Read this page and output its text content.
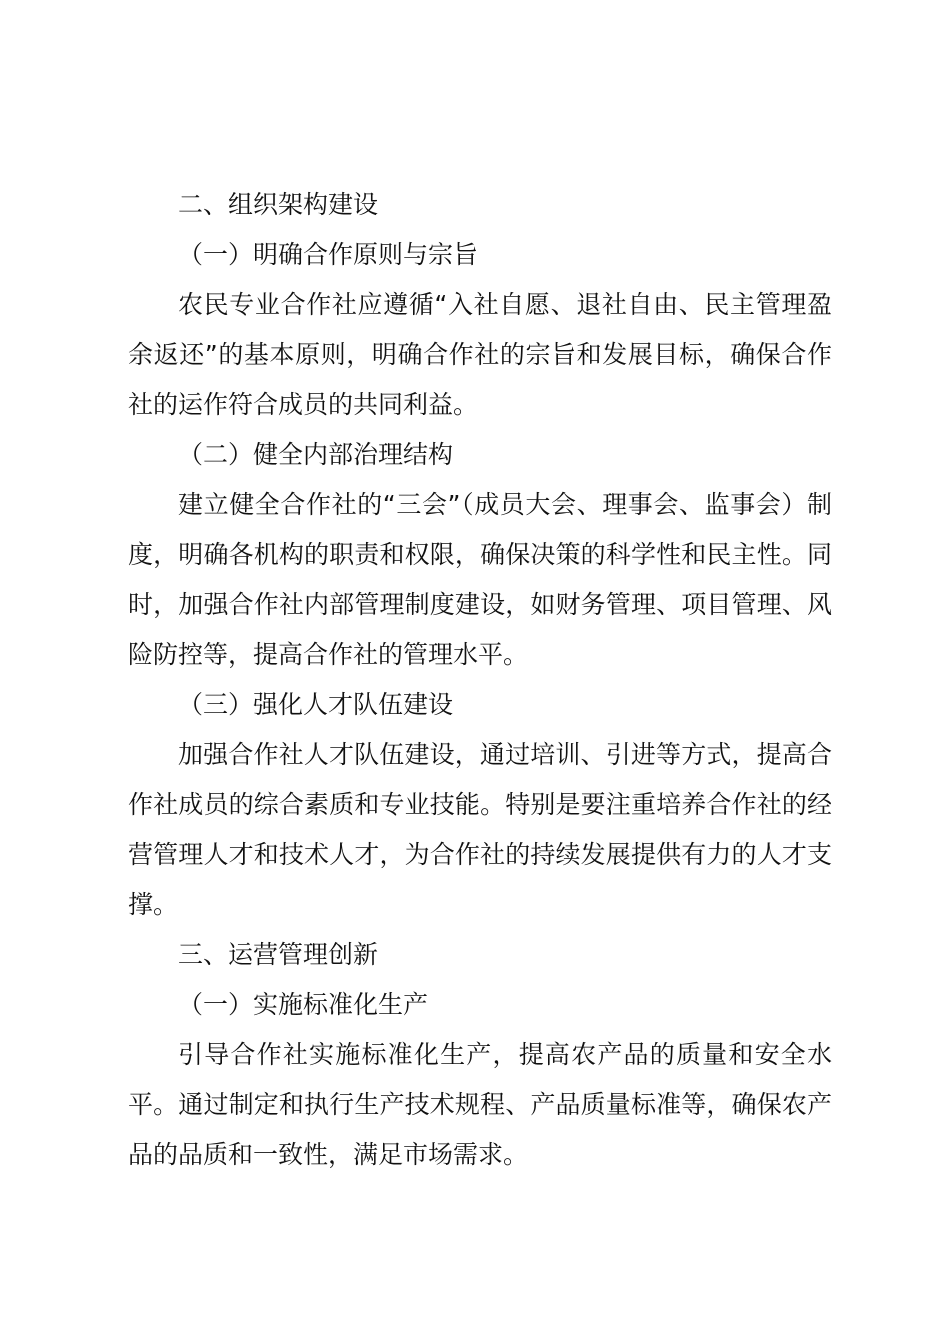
二、组织架构建设

（一）明确合作原则与宗旨

农民专业合作社应遵循“入社自愿、退社自由、民主管理盈余返还”的基本原则，明确合作社的宗旨和发展目标，确保合作社的运作符合成员的共同利益。

（二）健全内部治理结构

建立健全合作社的“三会”（成员大会、理事会、监事会）制度，明确各机构的职责和权限，确保决策的科学性和民主性。同时，加强合作社内部管理制度建设，如财务管理、项目管理、风险防控等，提高合作社的管理水平。

（三）强化人才队伍建设

加强合作社人才队伍建设，通过培训、引进等方式，提高合作社成员的综合素质和专业技能。特别是要注重培养合作社的经营管理人才和技术人才，为合作社的持续发展提供有力的人才支撑。

三、运营管理创新

（一）实施标准化生产

引导合作社实施标准化生产，提高农产品的质量和安全水平。通过制定和执行生产技术规程、产品质量标准等，确保农产品的品质和一致性，满足市场需求。
